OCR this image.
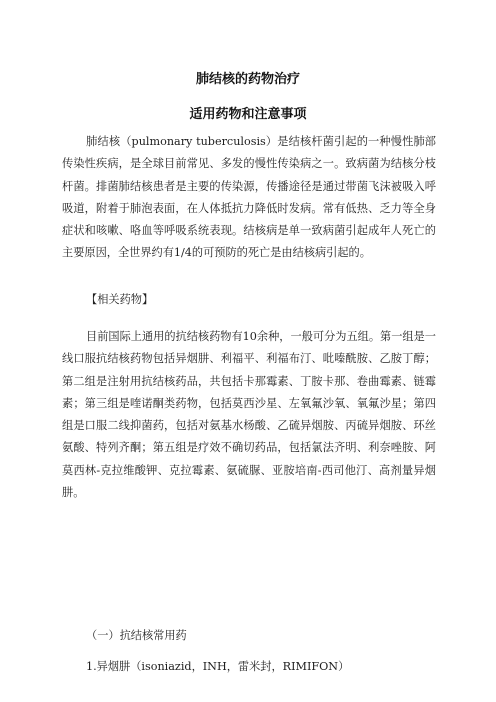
肺结核的药物治疗
适用药物和注意事项

肺结核（pulmonary tuberculosis）是结核杆菌引起的一种慢性肺部传染性疾病，是全球目前常见、多发的慢性传染病之一。致病菌为结核分枝杆菌。排菌肺结核患者是主要的传染源，传播途径是通过带菌飞沫被吸入呼吸道，附着于肺泡表面，在人体抵抗力降低时发病。常有低热、乏力等全身症状和咳嗽、咯血等呼吸系统表现。结核病是单一致病菌引起成年人死亡的主要原因，全世界约有1/4的可预防的死亡是由结核病引起的。

【相关药物】

目前国际上通用的抗结核药物有10余种，一般可分为五组。第一组是一线口服抗结核药物包括异烟肼、利福平、利福布汀、吡嗪酰胺、乙胺丁醇；第二组是注射用抗结核药品，共包括卡那霉素、丁胺卡那、卷曲霉素、链霉素；第三组是喹诺酮类药物，包括莫西沙星、左氧氟沙氧、氧氟沙星；第四组是口服二线抑菌药，包括对氨基水杨酸、乙硫异烟胺、丙硫异烟胺、环丝氨酸、特列齐酮；第五组是疗效不确切药品，包括氯法齐明、利奈唑胺、阿莫西林-克拉维酸钾、克拉霉素、氨硫脲、亚胺培南-西司他汀、高剂量异烟肼。

（一）抗结核常用药
1.异烟肼（isoniazid，INH，雷米封，RIMIFON）
